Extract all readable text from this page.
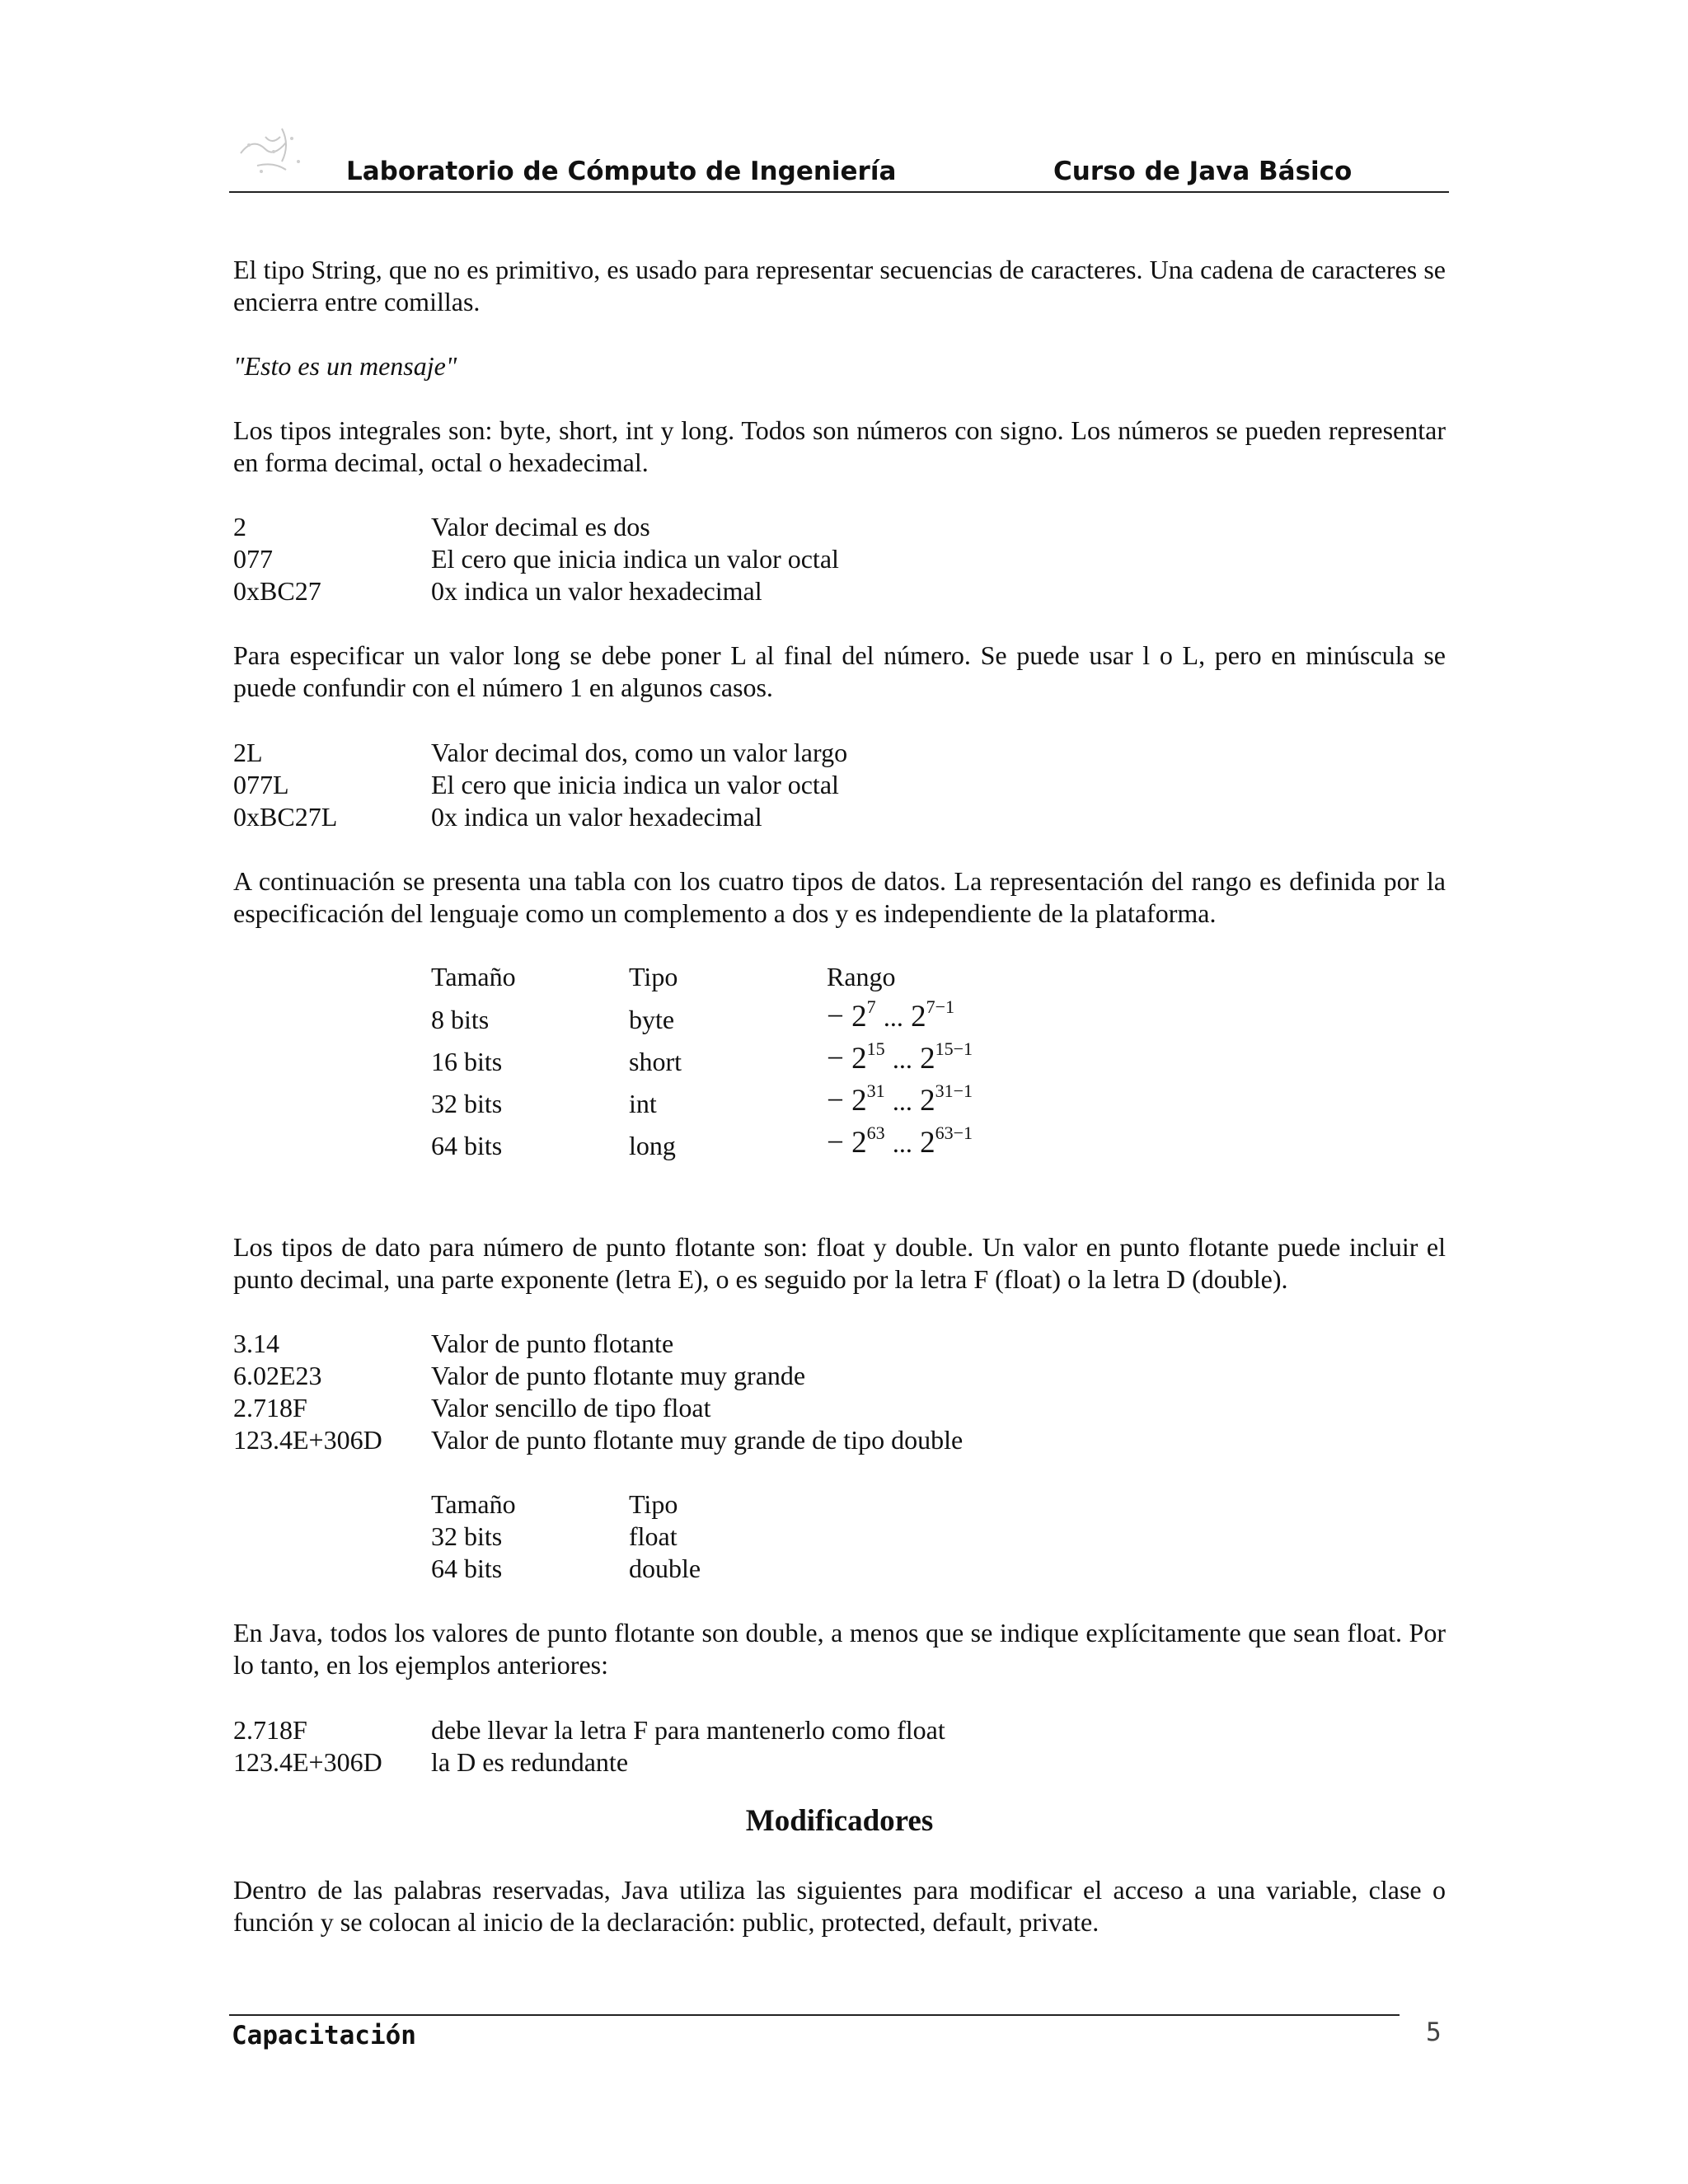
Laboratorio de Cómputo de Ingeniería	Curso de Java Básico
El tipo String, que no es primitivo, es usado para representar secuencias de caracteres. Una cadena de caracteres se encierra entre comillas.
"Esto es un mensaje"
Los tipos integrales son: byte, short, int y long. Todos son números con signo. Los números se pueden representar en forma decimal, octal o hexadecimal.
2	Valor decimal es dos
077	El cero que inicia indica un valor octal
0xBC27	0x indica un valor hexadecimal
Para especificar un valor long se debe poner L al final del número. Se puede usar l o L, pero en minúscula se puede confundir con el número 1 en algunos casos.
2L	Valor decimal dos, como un valor largo
077L	El cero que inicia indica un valor octal
0xBC27L	0x indica un valor hexadecimal
A continuación se presenta una tabla con los cuatro tipos de datos. La representación del rango es definida por la especificación del lenguaje como un complemento a dos y es independiente de la plataforma.
Tamaño	Tipo	Rango
8 bits	byte	− $2^7$ ... $2^{7-1}$
16 bits	short	− $2^{15}$ ... $2^{15-1}$
32 bits	int	− $2^{31}$ ... $2^{31-1}$
64 bits	long	− $2^{63}$ ... $2^{63-1}$
Los tipos de dato para número de punto flotante son: float y double. Un valor en punto flotante puede incluir el punto decimal, una parte exponente (letra E), o es seguido por la letra F (float) o la letra D (double).
3.14	Valor de punto flotante
6.02E23	Valor de punto flotante muy grande
2.718F	Valor sencillo de tipo float
123.4E+306D Valor de punto flotante muy grande de tipo double
Tamaño	Tipo
32 bits	float
64 bits	double
En Java, todos los valores de punto flotante son double, a menos que se indique explícitamente que sean float. Por lo tanto, en los ejemplos anteriores:
2.718F	debe llevar la letra F para mantenerlo como float
123.4E+306D la D es redundante
Modificadores
Dentro de las palabras reservadas, Java utiliza las siguientes para modificar el acceso a una variable, clase o función y se colocan al inicio de la declaración: public, protected, default, private.
Capacitación	5
